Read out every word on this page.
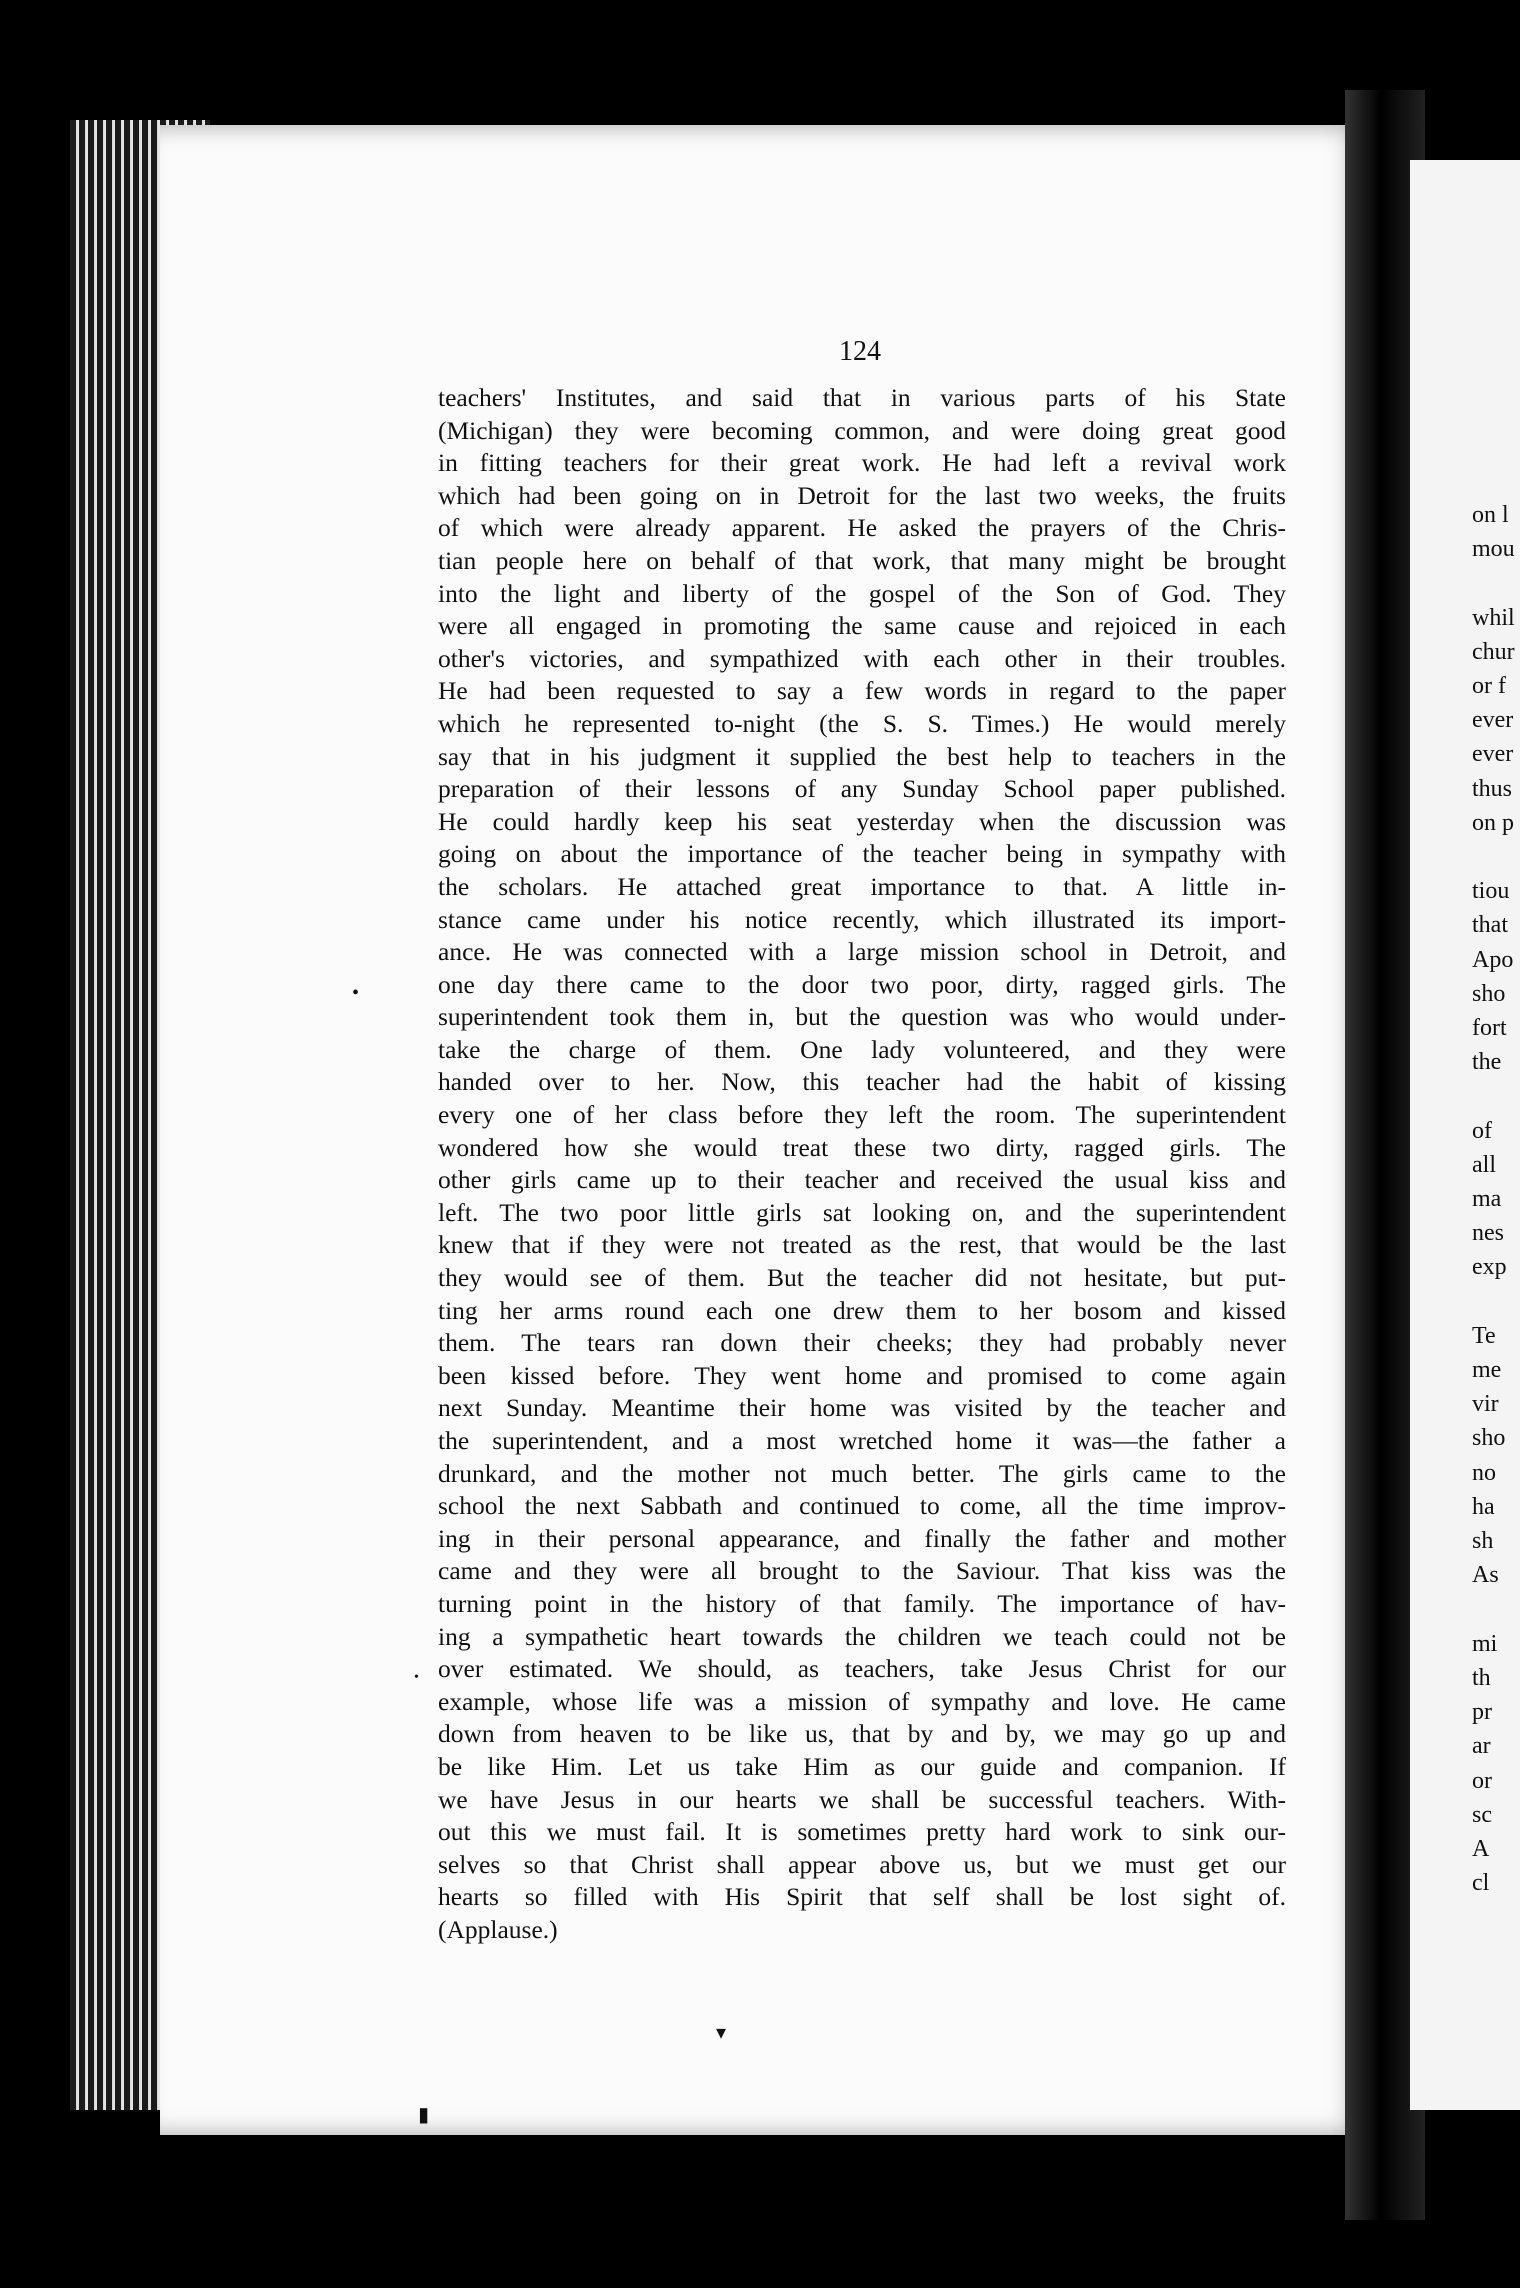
124

teachers' Institutes, and said that in various parts of his State
(Michigan) they were becoming common, and were doing great good
in fitting teachers for their great work. He had left a revival work
which had been going on in Detroit for the last two weeks, the fruits
of which were already apparent. He asked the prayers of the Chris-
tian people here on behalf of that work, that many might be brought
into the light and liberty of the gospel of the Son of God. They
were all engaged in promoting the same cause and rejoiced in each
other's victories, and sympathized with each other in their troubles.
He had been requested to say a few words in regard to the paper
which he represented to-night (the S. S. Times.) He would merely
say that in his judgment it supplied the best help to teachers in the
preparation of their lessons of any Sunday School paper published.
He could hardly keep his seat yesterday when the discussion was
going on about the importance of the teacher being in sympathy with
the scholars. He attached great importance to that. A little in-
stance came under his notice recently, which illustrated its import-
ance. He was connected with a large mission school in Detroit, and
one day there came to the door two poor, dirty, ragged girls. The
superintendent took them in, but the question was who would under-
take the charge of them. One lady volunteered, and they were
handed over to her. Now, this teacher had the habit of kissing
every one of her class before they left the room. The superintendent
wondered how she would treat these two dirty, ragged girls. The
other girls came up to their teacher and received the usual kiss and
left. The two poor little girls sat looking on, and the superintendent
knew that if they were not treated as the rest, that would be the last
they would see of them. But the teacher did not hesitate, but put-
ting her arms round each one drew them to her bosom and kissed
them. The tears ran down their cheeks; they had probably never
been kissed before. They went home and promised to come again
next Sunday. Meantime their home was visited by the teacher and
the superintendent, and a most wretched home it was—the father a
drunkard, and the mother not much better. The girls came to the
school the next Sabbath and continued to come, all the time improv-
ing in their personal appearance, and finally the father and mother
came and they were all brought to the Saviour. That kiss was the
turning point in the history of that family. The importance of hav-
ing a sympathetic heart towards the children we teach could not be
over estimated. We should, as teachers, take Jesus Christ for our
example, whose life was a mission of sympathy and love. He came
down from heaven to be like us, that by and by, we may go up and
be like Him. Let us take Him as our guide and companion. If
we have Jesus in our hearts we shall be successful teachers. With-
out this we must fail. It is sometimes pretty hard work to sink our-
selves so that Christ shall appear above us, but we must get our
hearts so filled with His Spirit that self shall be lost sight of.
(Applause.)

on l
mou

whil
chur
or f
ever
ever
thus
on p

tiou
that
Apo
sho
fort
the

of
all
ma
nes
exp

Te
me
vir
sho
no
ha
sh
As

mi
th
pr
ar
or
sc
A
cl

•
•
▾
▮
